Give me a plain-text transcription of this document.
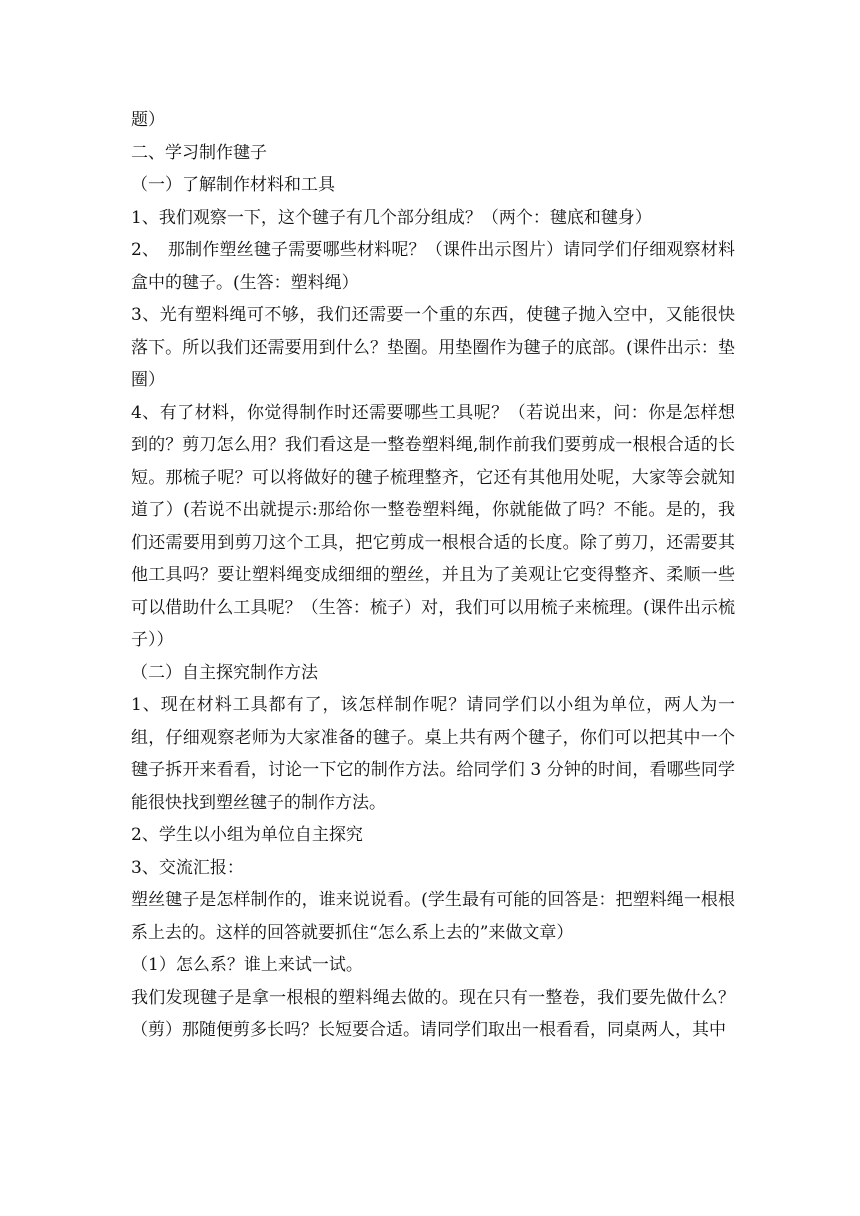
题）

二、学习制作毽子

（一）了解制作材料和工具

1、我们观察一下，这个毽子有几个部分组成？（两个：毽底和毽身）

2、　那制作塑丝毽子需要哪些材料呢？（课件出示图片）请同学们仔细观察材料盒中的毽子。(生答：塑料绳）

3、光有塑料绳可不够，我们还需要一个重的东西，使毽子抛入空中，又能很快落下。所以我们还需要用到什么？垫圈。用垫圈作为毽子的底部。(课件出示：垫圈）

4、有了材料，你觉得制作时还需要哪些工具呢？（若说出来，问：你是怎样想到的？剪刀怎么用？我们看这是一整卷塑料绳,制作前我们要剪成一根根合适的长短。那梳子呢？可以将做好的毽子梳理整齐，它还有其他用处呢，大家等会就知道了）(若说不出就提示:那给你一整卷塑料绳，你就能做了吗？不能。是的，我们还需要用到剪刀这个工具，把它剪成一根根合适的长度。除了剪刀，还需要其他工具吗？要让塑料绳变成细细的塑丝，并且为了美观让它变得整齐、柔顺一些可以借助什么工具呢？（生答：梳子）对，我们可以用梳子来梳理。(课件出示梳子））

（二）自主探究制作方法

1、现在材料工具都有了，该怎样制作呢？请同学们以小组为单位，两人为一组，仔细观察老师为大家准备的毽子。桌上共有两个毽子，你们可以把其中一个毽子拆开来看看，讨论一下它的制作方法。给同学们 3 分钟的时间，看哪些同学能很快找到塑丝毽子的制作方法。

2、学生以小组为单位自主探究

3、交流汇报：

塑丝毽子是怎样制作的，谁来说说看。(学生最有可能的回答是：把塑料绳一根根系上去的。这样的回答就要抓住“怎么系上去的”来做文章）

（1）怎么系？谁上来试一试。

我们发现毽子是拿一根根的塑料绳去做的。现在只有一整卷，我们要先做什么？（剪）那随便剪多长吗？长短要合适。请同学们取出一根看看，同桌两人，其中
